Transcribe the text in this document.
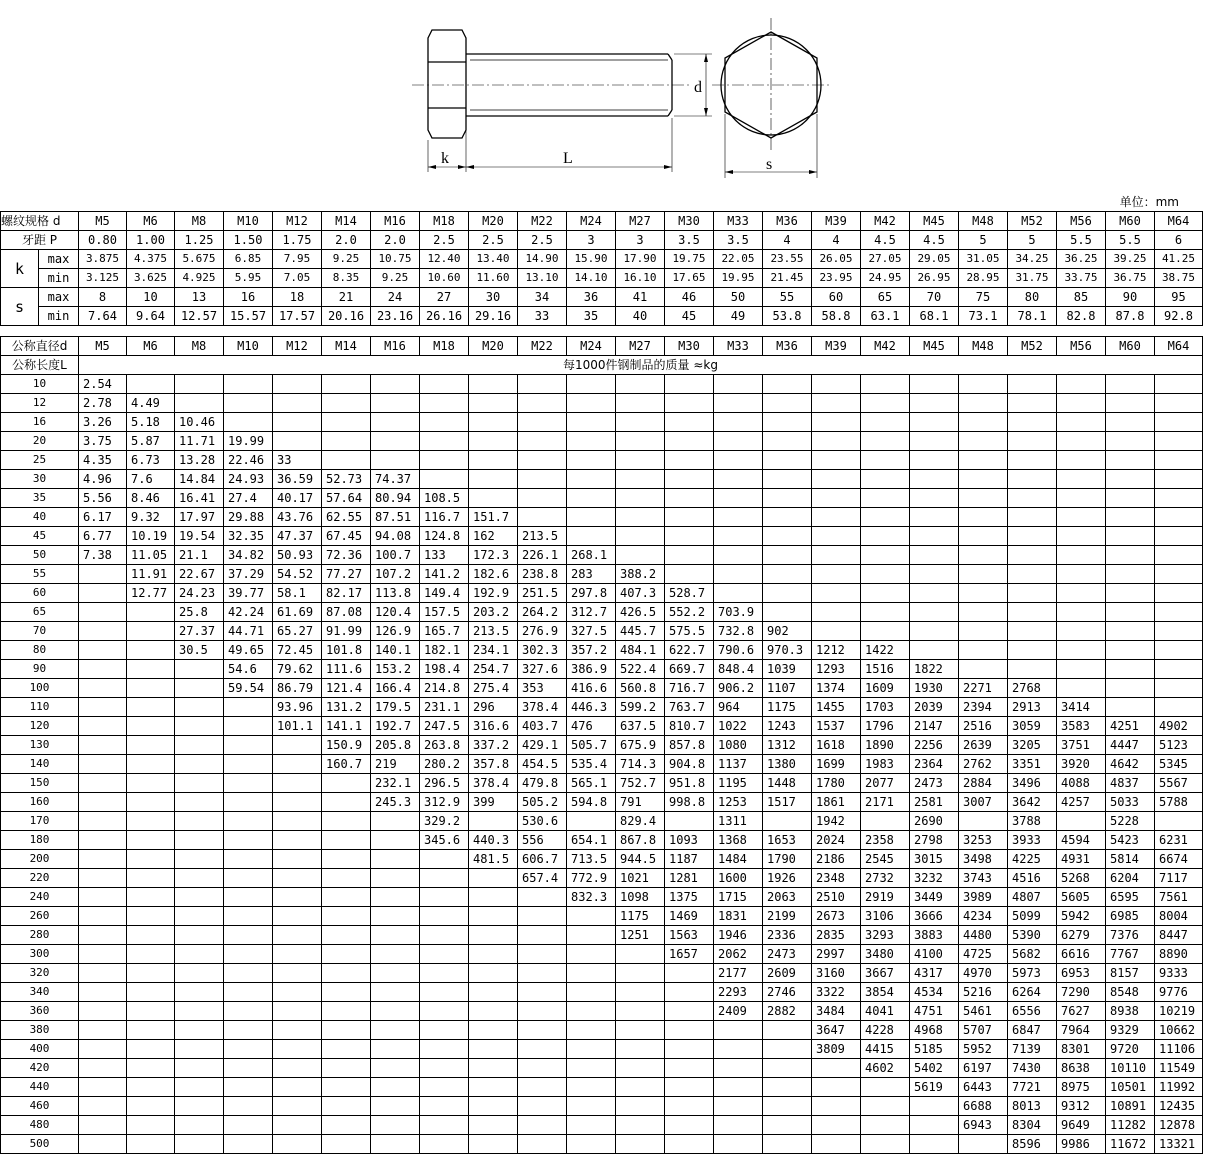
d
k	L	s
单位：mm
螺纹规格 d		M5	M6	M8	M10	M12	M14	M16	M18	M20	M22	M24	M27	M30	M33	M36	M39	M42	M45	M48	M52	M56	M60	M64
牙距 P		0.80	1.00	1.25	1.50	1.75	2.0	2.0	2.5	2.5	2.5	3	3	3.5	3.5	4	4	4.5	4.5	5	5	5.5	5.5	6
k	max	3.875	4.375	5.675	6.85	7.95	9.25	10.75	12.40	13.40	14.90	15.90	17.90	19.75	22.05	23.55	26.05	27.05	29.05	31.05	34.25	36.25	39.25	41.25
	min	3.125	3.625	4.925	5.95	7.05	8.35	9.25	10.60	11.60	13.10	14.10	16.10	17.65	19.95	21.45	23.95	24.95	26.95	28.95	31.75	33.75	36.75	38.75
s	max	8	10	13	16	18	21	24	27	30	34	36	41	46	50	55	60	65	70	75	80	85	90	95
	min	7.64	9.64	12.57	15.57	17.57	20.16	23.16	26.16	29.16	33	35	40	45	49	53.8	58.8	63.1	68.1	73.1	78.1	82.8	87.8	92.8
公称直径d	M5	M6	M8	M10	M12	M14	M16	M18	M20	M22	M24	M27	M30	M33	M36	M39	M42	M45	M48	M52	M56	M60	M64
公称长度L	每1000件钢制品的质量 ≈kg																						
10	2.54																						
12	2.78	4.49																					
16	3.26	5.18	10.46																				
20	3.75	5.87	11.71	19.99																			
25	4.35	6.73	13.28	22.46	33																		
30	4.96	7.6	14.84	24.93	36.59	52.73	74.37																
35	5.56	8.46	16.41	27.4	40.17	57.64	80.94	108.5															
40	6.17	9.32	17.97	29.88	43.76	62.55	87.51	116.7	151.7														
45	6.77	10.19	19.54	32.35	47.37	67.45	94.08	124.8	162	213.5													
50	7.38	11.05	21.1	34.82	50.93	72.36	100.7	133	172.3	226.1	268.1												
55		11.91	22.67	37.29	54.52	77.27	107.2	141.2	182.6	238.8	283	388.2											
60		12.77	24.23	39.77	58.1	82.17	113.8	149.4	192.9	251.5	297.8	407.3	528.7										
65			25.8	42.24	61.69	87.08	120.4	157.5	203.2	264.2	312.7	426.5	552.2	703.9									
70			27.37	44.71	65.27	91.99	126.9	165.7	213.5	276.9	327.5	445.7	575.5	732.8	902								
80			30.5	49.65	72.45	101.8	140.1	182.1	234.1	302.3	357.2	484.1	622.7	790.6	970.3	1212	1422						
90				54.6	79.62	111.6	153.2	198.4	254.7	327.6	386.9	522.4	669.7	848.4	1039	1293	1516	1822					
100				59.54	86.79	121.4	166.4	214.8	275.4	353	416.6	560.8	716.7	906.2	1107	1374	1609	1930	2271	2768			
110					93.96	131.2	179.5	231.1	296	378.4	446.3	599.2	763.7	964	1175	1455	1703	2039	2394	2913	3414		
120					101.1	141.1	192.7	247.5	316.6	403.7	476	637.5	810.7	1022	1243	1537	1796	2147	2516	3059	3583	4251	4902
130						150.9	205.8	263.8	337.2	429.1	505.7	675.9	857.8	1080	1312	1618	1890	2256	2639	3205	3751	4447	5123
140						160.7	219	280.2	357.8	454.5	535.4	714.3	904.8	1137	1380	1699	1983	2364	2762	3351	3920	4642	5345
150							232.1	296.5	378.4	479.8	565.1	752.7	951.8	1195	1448	1780	2077	2473	2884	3496	4088	4837	5567
160							245.3	312.9	399	505.2	594.8	791	998.8	1253	1517	1861	2171	2581	3007	3642	4257	5033	5788
170								329.2		530.6		829.4		1311		1942		2690		3788		5228	
180								345.6	440.3	556	654.1	867.8	1093	1368	1653	2024	2358	2798	3253	3933	4594	5423	6231
200									481.5	606.7	713.5	944.5	1187	1484	1790	2186	2545	3015	3498	4225	4931	5814	6674
220										657.4	772.9	1021	1281	1600	1926	2348	2732	3232	3743	4516	5268	6204	7117
240											832.3	1098	1375	1715	2063	2510	2919	3449	3989	4807	5605	6595	7561
260												1175	1469	1831	2199	2673	3106	3666	4234	5099	5942	6985	8004
280												1251	1563	1946	2336	2835	3293	3883	4480	5390	6279	7376	8447
300													1657	2062	2473	2997	3480	4100	4725	5682	6616	7767	8890
320														2177	2609	3160	3667	4317	4970	5973	6953	8157	9333
340														2293	2746	3322	3854	4534	5216	6264	7290	8548	9776
360														2409	2882	3484	4041	4751	5461	6556	7627	8938	10219
380																3647	4228	4968	5707	6847	7964	9329	10662
400																3809	4415	5185	5952	7139	8301	9720	11106
420																	4602	5402	6197	7430	8638	10110	11549
440																		5619	6443	7721	8975	10501	11992
460																			6688	8013	9312	10891	12435
480																			6943	8304	9649	11282	12878
500																				8596	9986	11672	13321
